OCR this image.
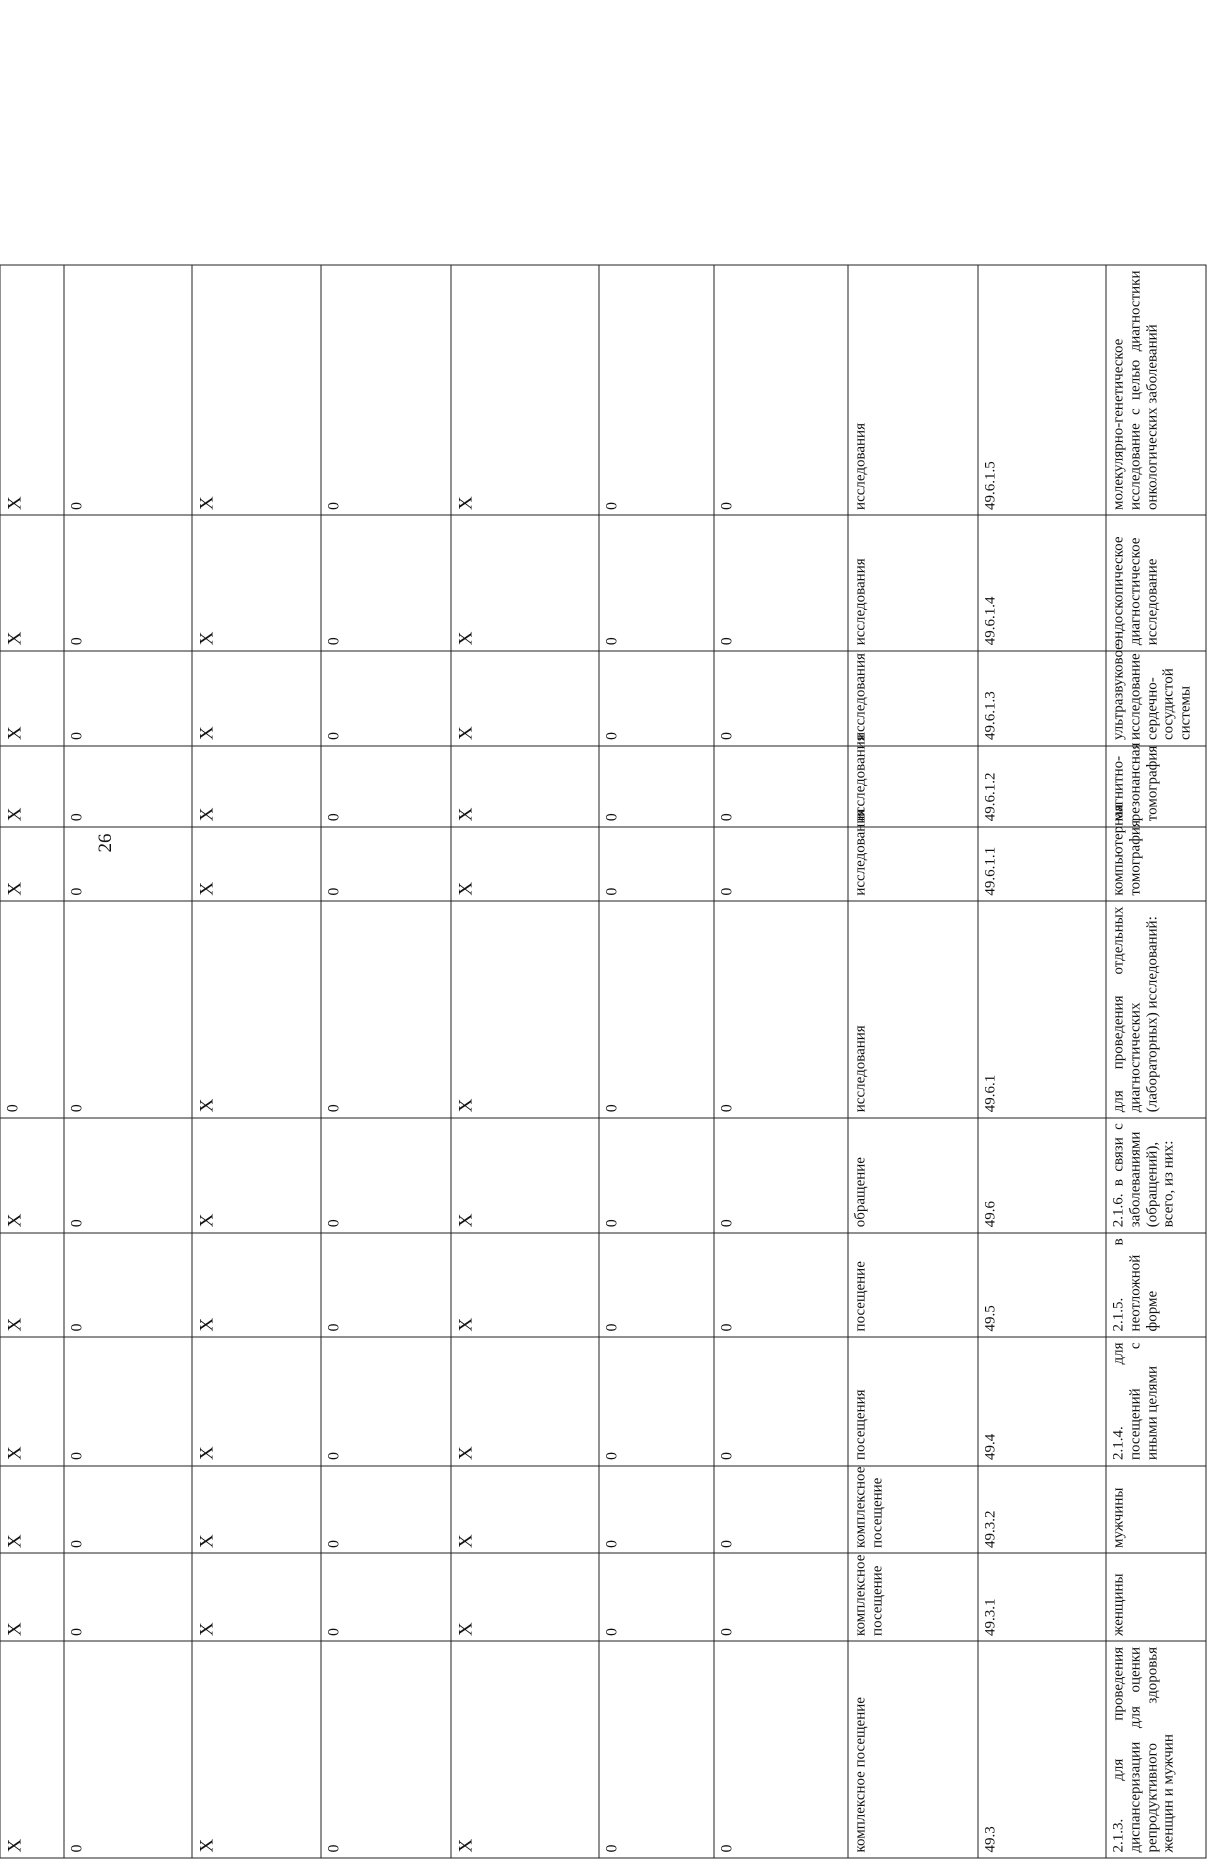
26
X	X	X	X	X	X	0	X	X	X	X	X
0	0	0	0	0	0	0	0	0	0	0	0
X	X	X	X	X	X	X	X	X	X	X	X
0	0	0	0	0	0	0	0	0	0	0	0
X	X	X	X	X	X	X	X	X	X	X	X
0	0	0	0	0	0	0	0	0	0	0	0
0	0	0	0	0	0	0	0	0	0	0	0
комплексное посещение	комплексное посещение	комплексное посещение	посещения	посещение	обращение	исследования	исследования	исследования	исследования	исследования	исследования
49.3	49.3.1	49.3.2	49.4	49.5	49.6	49.6.1	49.6.1.1	49.6.1.2	49.6.1.3	49.6.1.4	49.6.1.5
2.1.3. для проведения диспансеризации для оценки репродуктивного здоровья женщин и мужчин	женщины	мужчины	2.1.4. для посещений с иными целями	2.1.5. в неотложной форме	2.1.6. в связи с заболеваниями (обращений), всего, из них:	для проведения отдельных диагностических (лабораторных) исследований:	компьютерная томография	магнитно-резонансная томография	ультразвуковое исследование сердечно-сосудистой системы	эндоскопическое диагностическое исследование	молекулярно-генетическое исследование с целью диагностики онкологических заболеваний
